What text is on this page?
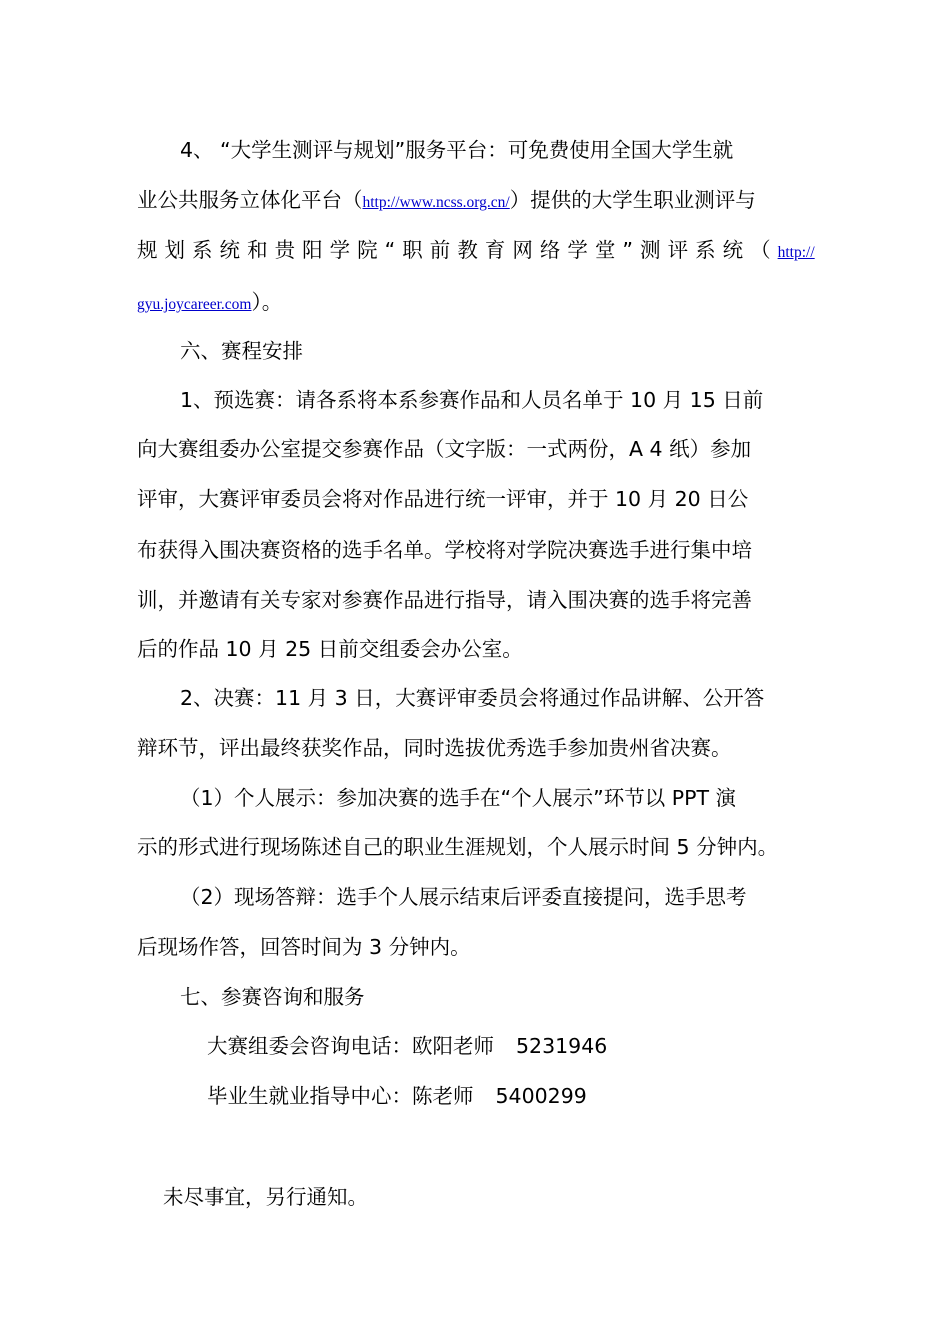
4、 “大学生测评与规划”服务平台：可免费使用全国大学生就

业公共服务立体化平台（http://www.ncss.org.cn/）提供的大学生职业测评与

规 划 系 统 和 贵 阳 学 院 “ 职 前 教 育 网 络 学 堂 ” 测 评 系 统 （ http://

gyu.joycareer.com）。

六、赛程安排

1、预选赛：请各系将本系参赛作品和人员名单于 10 月 15 日前

向大赛组委办公室提交参赛作品（文字版：一式两份，A 4 纸）参加

评审，大赛评审委员会将对作品进行统一评审，并于 10 月 20 日公

布获得入围决赛资格的选手名单。学校将对学院决赛选手进行集中培

训，并邀请有关专家对参赛作品进行指导，请入围决赛的选手将完善

后的作品 10 月 25 日前交组委会办公室。

2、决赛：11 月 3 日，大赛评审委员会将通过作品讲解、公开答

辩环节，评出最终获奖作品，同时选拔优秀选手参加贵州省决赛。

（1）个人展示：参加决赛的选手在“个人展示”环节以 PPT 演

示的形式进行现场陈述自己的职业生涯规划，个人展示时间 5 分钟内。

（2）现场答辩：选手个人展示结束后评委直接提问，选手思考

后现场作答，回答时间为 3 分钟内。

七、参赛咨询和服务

大赛组委会咨询电话：欧阳老师 5231946

毕业生就业指导中心：陈老师 5400299

未尽事宜，另行通知。
